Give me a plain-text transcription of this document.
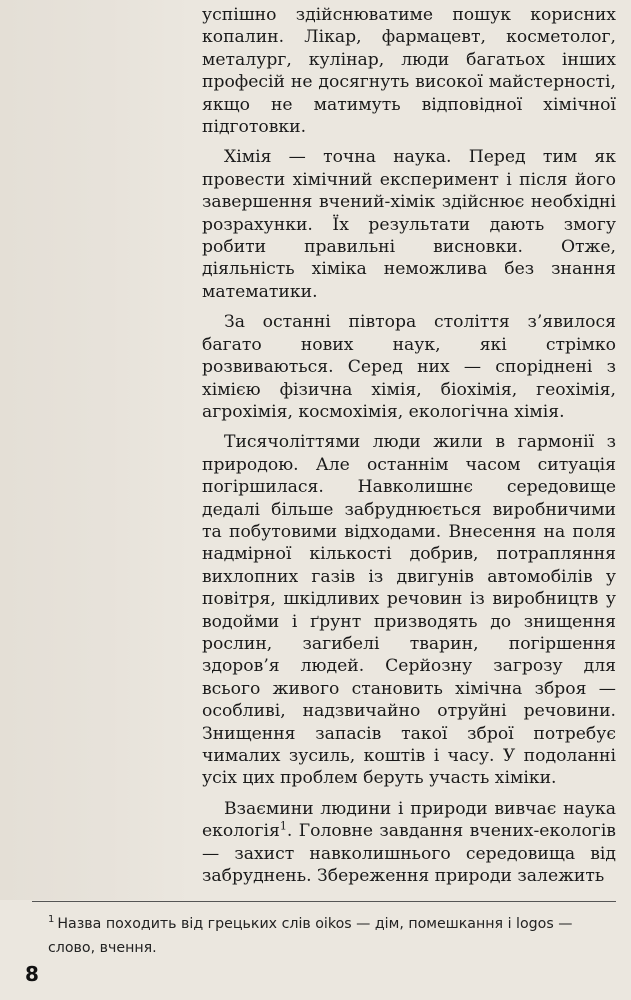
успішно здійснюватиме пошук корисних копалин. Лікар, фармацевт, косметолог, металург, кулінар, люди багатьох інших професій не досягнуть високої майстерності, якщо не матимуть відповідної хімічної підготовки.

Хімія — точна наука. Перед тим як провести хімічний експеримент і після його завершення вчений-хімік здійснює необхідні розрахунки. Їх результати дають змогу робити правильні висновки. Отже, діяльність хіміка неможлива без знання математики.

За останні півтора століття з’явилося багато нових наук, які стрімко розвиваються. Серед них — споріднені з хімією фізична хімія, біохімія, геохімія, агрохімія, космохімія, екологічна хімія.

Тисячоліттями люди жили в гармонії з природою. Але останнім часом ситуація погіршилася. Навколишнє середовище дедалі більше забруднюється виробничими та побутовими відходами. Внесення на поля надмірної кількості добрив, потрапляння вихлопних газів із двигунів автомобілів у повітря, шкідливих речовин із виробництв у водойми і ґрунт призводять до знищення рослин, загибелі тварин, погіршення здоров’я людей. Серйозну загрозу для всього живого становить хімічна зброя — особливі, надзвичайно отруйні речовини. Знищення запасів такої зброї потребує чималих зусиль, коштів і часу. У подоланні усіх цих проблем беруть участь хіміки.

Взаємини людини і природи вивчає наука екологія$^1$. Головне завдання вчених-екологів — захист навколишнього середовища від забруднень. Збереження природи залежить

$^1$ Назва походить від грецьких слів oikos — дім, помешкання і logos — слово, вчення.
8
